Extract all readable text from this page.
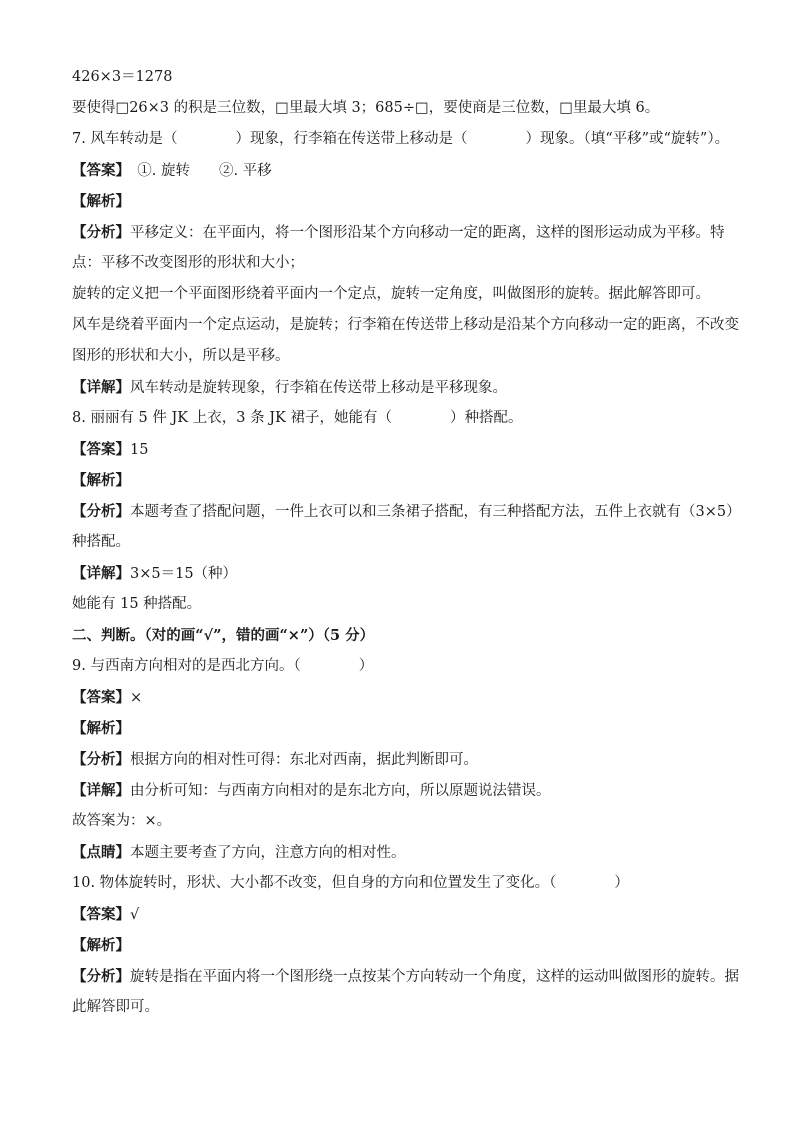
426×3＝1278
要使得□26×3 的积是三位数，□里最大填 3；685÷□，要使商是三位数，□里最大填 6。
7. 风车转动是（　　　　）现象，行李箱在传送带上移动是（　　　　）现象。（填“平移”或“旋转”）。
【答案】　①. 旋转　　②. 平移
【解析】
【分析】平移定义：在平面内，将一个图形沿某个方向移动一定的距离，这样的图形运动成为平移。特
点：平移不改变图形的形状和大小；
旋转的定义把一个平面图形绕着平面内一个定点，旋转一定角度，叫做图形的旋转。据此解答即可。
风车是绕着平面内一个定点运动，是旋转；行李箱在传送带上移动是沿某个方向移动一定的距离，不改变
图形的形状和大小，所以是平移。
【详解】风车转动是旋转现象，行李箱在传送带上移动是平移现象。
8. 丽丽有 5 件 JK 上衣，3 条 JK 裙子，她能有（　　　　）种搭配。
【答案】15
【解析】
【分析】本题考查了搭配问题，一件上衣可以和三条裙子搭配，有三种搭配方法，五件上衣就有（3×5）
种搭配。
【详解】3×5＝15（种）
她能有 15 种搭配。
二、判断。（对的画“√”，错的画“×”）（5 分）
9. 与西南方向相对的是西北方向。（　　　　）
【答案】×
【解析】
【分析】根据方向的相对性可得：东北对西南，据此判断即可。
【详解】由分析可知：与西南方向相对的是东北方向，所以原题说法错误。
故答案为：×。
【点睛】本题主要考查了方向，注意方向的相对性。
10. 物体旋转时，形状、大小都不改变，但自身的方向和位置发生了变化。（　　　　）
【答案】√
【解析】
【分析】旋转是指在平面内将一个图形绕一点按某个方向转动一个角度，这样的运动叫做图形的旋转。据
此解答即可。
